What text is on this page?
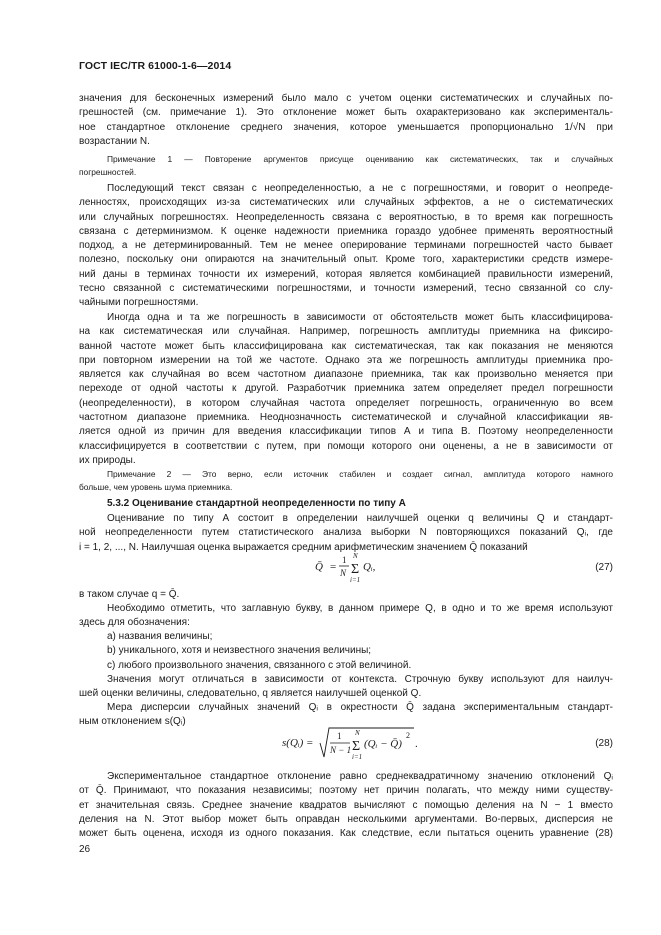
ГОСТ IEC/TR 61000-1-6—2014
значения для бесконечных измерений было мало с учетом оценки систематических и случайных по-
грешностей (см. примечание 1). Это отклонение может быть охарактеризовано как эксперименталь-
ное стандартное отклонение среднего значения, которое уменьшается пропорционально 1/√N при
возрастании N.
Примечание 1 — Повторение аргументов присуще оцениванию как систематических, так и случайных
погрешностей.
Последующий текст связан с неопределенностью, а не с погрешностями, и говорит о неопреде-
ленностях, происходящих из-за систематических или случайных эффектов, а не о систематических
или случайных погрешностях. Неопределенность связана с вероятностью, в то время как погрешность
связана с детерминизмом. К оценке надежности приемника гораздо удобнее применять вероятностный
подход, а не детерминированный. Тем не менее оперирование терминами погрешностей часто бывает
полезно, поскольку они опираются на значительный опыт. Кроме того, характеристики средств измере-
ний даны в терминах точности их измерений, которая является комбинацией правильности измерений,
тесно связанной с систематическими погрешностями, и точности измерений, тесно связанной со слу-
чайными погрешностями.
Иногда одна и та же погрешность в зависимости от обстоятельств может быть классифицирова-
на как систематическая или случайная. Например, погрешность амплитуды приемника на фиксиро-
ванной частоте может быть классифицирована как систематическая, так как показания не меняются
при повторном измерении на той же частоте. Однако эта же погрешность амплитуды приемника про-
является как случайная во всем частотном диапазоне приемника, так как произвольно меняется при
переходе от одной частоты к другой. Разработчик приемника затем определяет предел погрешности
(неопределенности), в котором случайная частота определяет погрешность, ограниченную во всем
частотном диапазоне приемника. Неоднозначность систематической и случайной классификации яв-
ляется одной из причин для введения классификации типов А и типа В. Поэтому неопределенности
классифицируется в соответствии с путем, при помощи которого они оценены, а не в зависимости от
их природы.
Примечание 2 — Это верно, если источник стабилен и создает сигнал, амплитуда которого намного
больше, чем уровень шума приемника.
5.3.2 Оценивание стандартной неопределенности по типу А
Оценивание по типу А состоит в определении наилучшей оценки q величины Q и стандарт-
ной неопределенности путем статистического анализа выборки N повторяющихся показаний Qᵢ, где
i = 1, 2, ..., N. Наилучшая оценка выражается средним арифметическим значением Q̄ показаний
Q̄ =
1
N
N
Σ
i=1
Qᵢ,	(27)
в таком случае q = Q̄.
Необходимо отметить, что заглавную букву, в данном примере Q, в одно и то же время используют
здесь для обозначения:
a) названия величины;
b) уникального, хотя и неизвестного значения величины;
c) любого произвольного значения, связанного с этой величиной.
Значения могут отличаться в зависимости от контекста. Строчную букву используют для наилуч-
шей оценки величины, следовательно, q является наилучшей оценкой Q.
Мера дисперсии случайных значений Qᵢ в окрестности Q̄ задана экспериментальным стандарт-
ным отклонением s(Qᵢ)
s(Qᵢ) =
1
N − 1
N
Σ
i=1
(Qᵢ − Q̄)
2
.	(28)
Экспериментальное стандартное отклонение равно среднеквадратичному значению отклонений Qᵢ
от Q̄. Принимают, что показания независимы; поэтому нет причин полагать, что между ними существу-
ет значительная связь. Среднее значение квадратов вычисляют с помощью деления на N − 1 вместо
деления на N. Этот выбор может быть оправдан несколькими аргументами. Во-первых, дисперсия не
может быть оценена, исходя из одного показания. Как следствие, если пытаться оценить уравнение (28)
26
